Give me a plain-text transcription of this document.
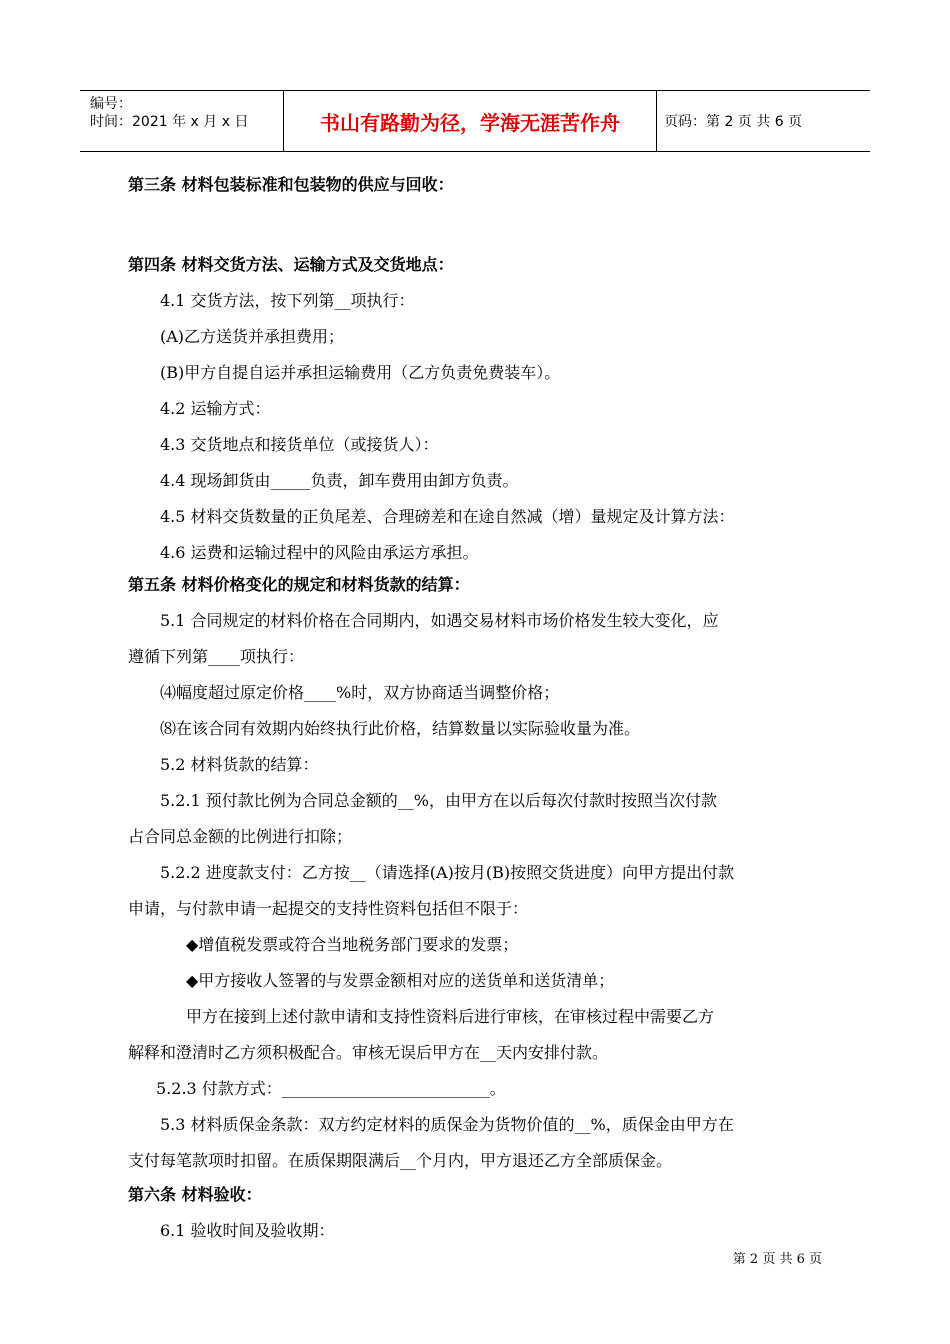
编号：
时间：2021 年 x 月 x 日	书山有路勤为径，学海无涯苦作舟	页码：第 2 页 共 6 页
第三条 材料包装标准和包装物的供应与回收：
第四条 材料交货方法、运输方式及交货地点：
4.1 交货方法，按下列第__项执行：
(A)乙方送货并承担费用；
(B)甲方自提自运并承担运输费用（乙方负责免费装车）。
4.2 运输方式：
4.3 交货地点和接货单位（或接货人）：
4.4 现场卸货由_____负责，卸车费用由卸方负责。
4.5 材料交货数量的正负尾差、合理磅差和在途自然减（增）量规定及计算方法：
4.6 运费和运输过程中的风险由承运方承担。
第五条 材料价格变化的规定和材料货款的结算：
5.1 合同规定的材料价格在合同期内，如遇交易材料市场价格发生较大变化，应
遵循下列第____项执行：
⑷幅度超过原定价格____%时，双方协商适当调整价格；
⑻在该合同有效期内始终执行此价格，结算数量以实际验收量为准。
5.2 材料货款的结算：
5.2.1 预付款比例为合同总金额的__%，由甲方在以后每次付款时按照当次付款
占合同总金额的比例进行扣除；
5.2.2 进度款支付：乙方按__（请选择(A)按月(B)按照交货进度）向甲方提出付款
申请，与付款申请一起提交的支持性资料包括但不限于：
◆增值税发票或符合当地税务部门要求的发票；
◆甲方接收人签署的与发票金额相对应的送货单和送货清单；
甲方在接到上述付款申请和支持性资料后进行审核，在审核过程中需要乙方
解释和澄清时乙方须积极配合。审核无误后甲方在__天内安排付款。
5.2.3 付款方式：__________________________。
5.3 材料质保金条款：双方约定材料的质保金为货物价值的__%，质保金由甲方在
支付每笔款项时扣留。在质保期限满后__个月内，甲方退还乙方全部质保金。
第六条 材料验收：
6.1 验收时间及验收期：
第 2 页 共 6 页
